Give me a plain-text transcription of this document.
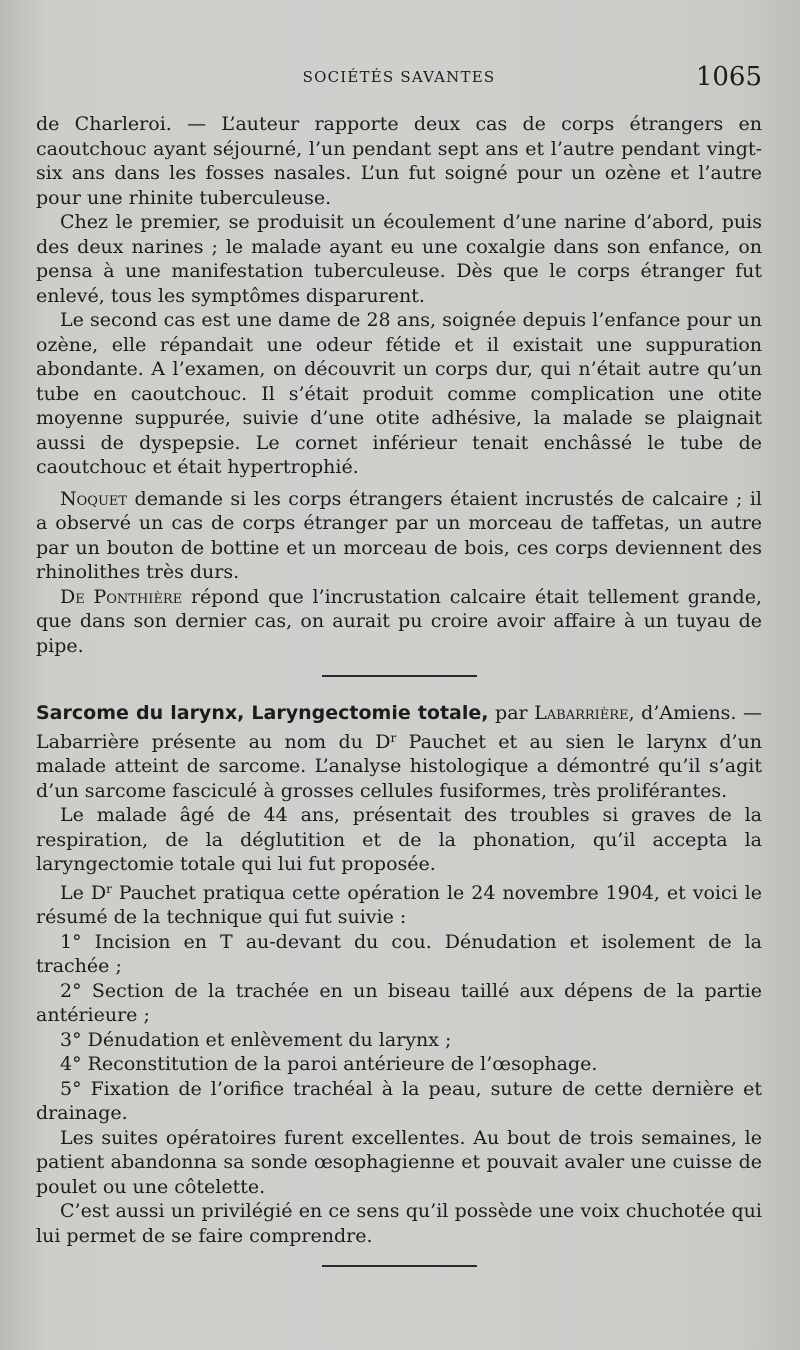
SOCIÉTÉS SAVANTES	1065

de Charleroi. — L’auteur rapporte deux cas de corps étrangers en caoutchouc ayant séjourné, l’un pendant sept ans et l’autre pendant vingt-six ans dans les fosses nasales. L’un fut soigné pour un ozène et l’autre pour une rhinite tuberculeuse.

Chez le premier, se produisit un écoulement d’une narine d’abord, puis des deux narines ; le malade ayant eu une coxalgie dans son enfance, on pensa à une manifestation tuberculeuse. Dès que le corps étranger fut enlevé, tous les symptômes disparurent.

Le second cas est une dame de 28 ans, soignée depuis l’enfance pour un ozène, elle répandait une odeur fétide et il existait une suppuration abondante. A l’examen, on découvrit un corps dur, qui n’était autre qu’un tube en caoutchouc. Il s’était produit comme complication une otite moyenne suppurée, suivie d’une otite adhésive, la malade se plaignait aussi de dyspepsie. Le cornet inférieur tenait enchâssé le tube de caoutchouc et était hypertrophié.

Noquet demande si les corps étrangers étaient incrustés de calcaire ; il a observé un cas de corps étranger par un morceau de taffetas, un autre par un bouton de bottine et un morceau de bois, ces corps deviennent des rhinolithes très durs.

De Ponthière répond que l’incrustation calcaire était tellement grande, que dans son dernier cas, on aurait pu croire avoir affaire à un tuyau de pipe.

Sarcome du larynx, Laryngectomie totale, par Labarrière, d’Amiens. — Labarrière présente au nom du $D^r$ Pauchet et au sien le larynx d’un malade atteint de sarcome. L’analyse histologique a démontré qu’il s’agit d’un sarcome fasciculé à grosses cellules fusiformes, très proliférantes.

Le malade âgé de 44 ans, présentait des troubles si graves de la respiration, de la déglutition et de la phonation, qu’il accepta la laryngectomie totale qui lui fut proposée.

Le $D^r$ Pauchet pratiqua cette opération le 24 novembre 1904, et voici le résumé de la technique qui fut suivie :

1° Incision en T au-devant du cou. Dénudation et isolement de la trachée ;

2° Section de la trachée en un biseau taillé aux dépens de la partie antérieure ;

3° Dénudation et enlèvement du larynx ;

4° Reconstitution de la paroi antérieure de l’œsophage.

5° Fixation de l’orifice trachéal à la peau, suture de cette dernière et drainage.

Les suites opératoires furent excellentes. Au bout de trois semaines, le patient abandonna sa sonde œsophagienne et pouvait avaler une cuisse de poulet ou une côtelette.

C’est aussi un privilégié en ce sens qu’il possède une voix chuchotée qui lui permet de se faire comprendre.
